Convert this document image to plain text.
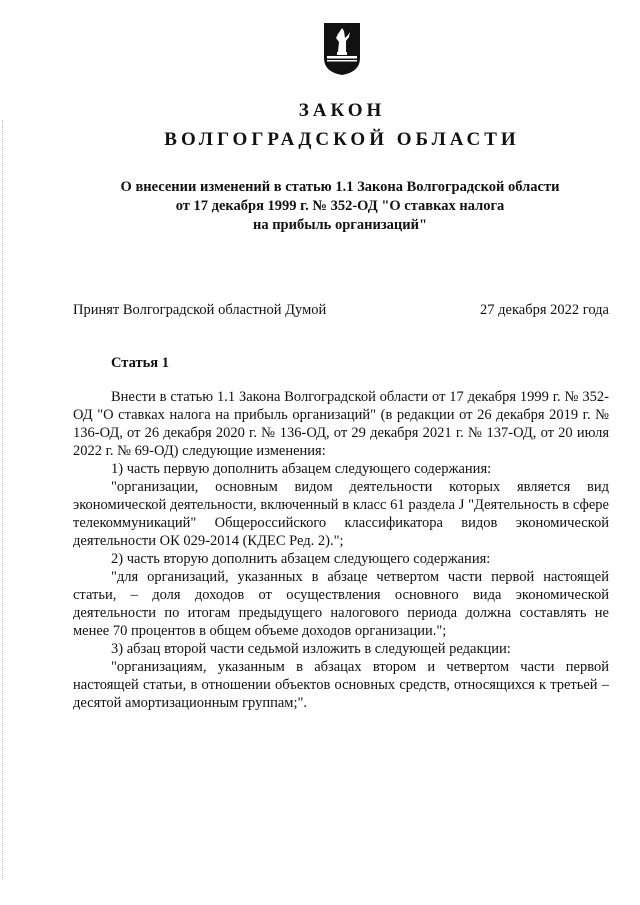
ЗАКОН
ВОЛГОГРАДСКОЙ ОБЛАСТИ
О внесении изменений в статью 1.1 Закона Волгоградской области
от 17 декабря 1999 г. № 352-ОД "О ставках налога
на прибыль организаций"
Принят Волгоградской областной Думой	27 декабря 2022 года
Статья 1

Внести в статью 1.1 Закона Волгоградской области от 17 декабря 1999 г. № 352-ОД "О ставках налога на прибыль организаций" (в редакции от 26 декабря 2019 г. № 136-ОД, от 26 декабря 2020 г. № 136-ОД, от 29 декабря 2021 г. № 137-ОД, от 20 июля 2022 г. № 69-ОД) следующие изменения:

1) часть первую дополнить абзацем следующего содержания:

"организации, основным видом деятельности которых является вид экономической деятельности, включенный в класс 61 раздела J "Деятельность в сфере телекоммуникаций" Общероссийского классификатора видов экономической деятельности ОК 029-2014 (КДЕС Ред. 2).";

2) часть вторую дополнить абзацем следующего содержания:

"для организаций, указанных в абзаце четвертом части первой настоящей статьи, – доля доходов от осуществления основного вида экономической деятельности по итогам предыдущего налогового периода должна составлять не менее 70 процентов в общем объеме доходов организации.";

3) абзац второй части седьмой изложить в следующей редакции:

"организациям, указанным в абзацах втором и четвертом части первой настоящей статьи, в отношении объектов основных средств, относящихся к третьей – десятой амортизационным группам;".
